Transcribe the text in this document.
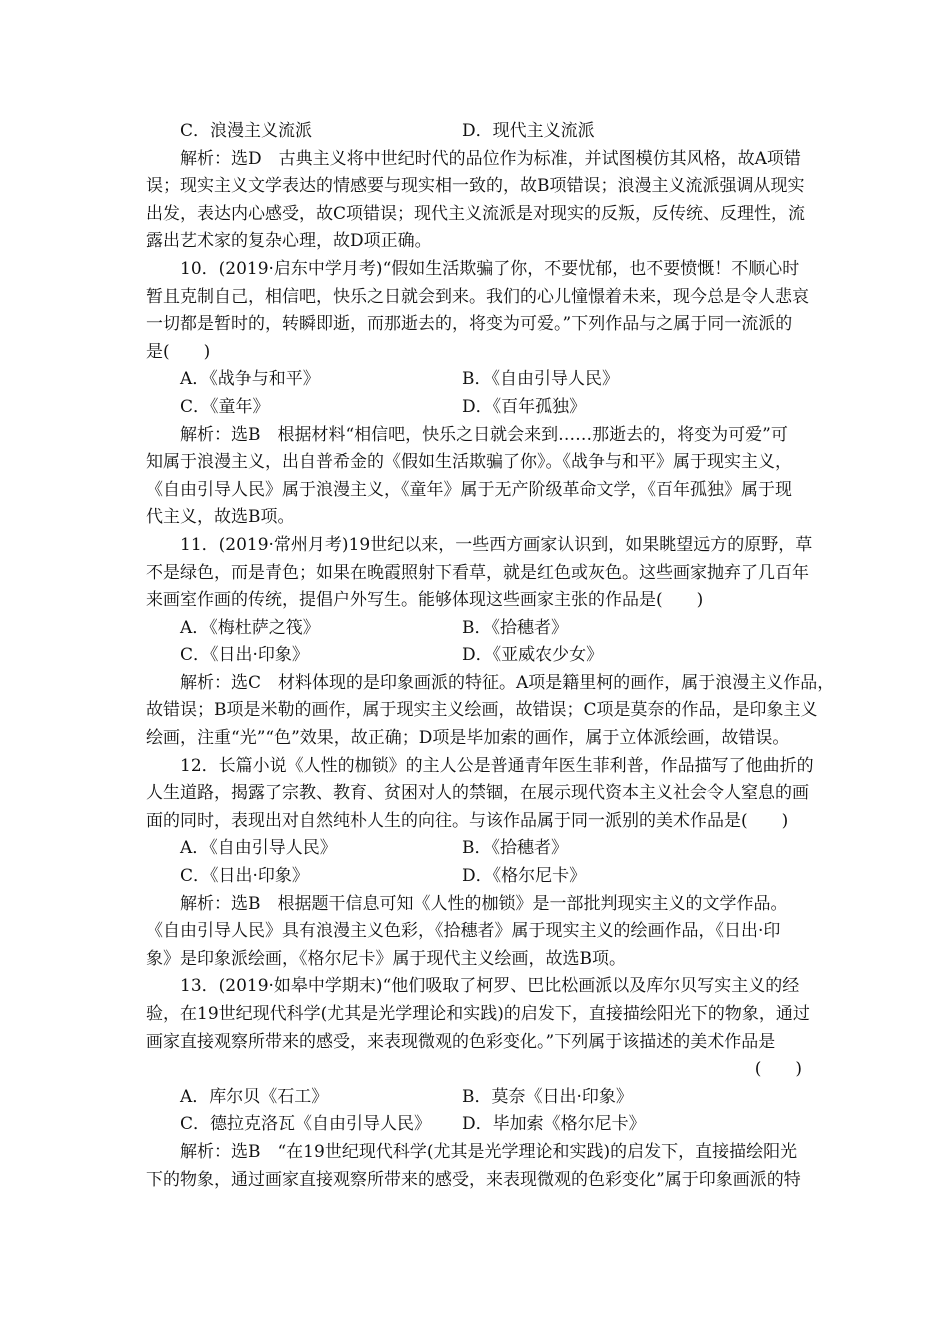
C．浪漫主义流派	D．现代主义流派
解析：选D　古典主义将中世纪时代的品位作为标准，并试图模仿其风格，故A项错
误；现实主义文学表达的情感要与现实相一致的，故B项错误；浪漫主义流派强调从现实
出发，表达内心感受，故C项错误；现代主义流派是对现实的反叛，反传统、反理性，流
露出艺术家的复杂心理，故D项正确。
10．(2019·启东中学月考)“假如生活欺骗了你，不要忧郁，也不要愤慨！不顺心时
暂且克制自己，相信吧，快乐之日就会到来。我们的心儿憧憬着未来，现今总是令人悲哀
一切都是暂时的，转瞬即逝，而那逝去的，将变为可爱。”下列作品与之属于同一流派的
是(　　)
A．《战争与和平》	B．《自由引导人民》
C．《童年》	D．《百年孤独》
解析：选B　根据材料“相信吧，快乐之日就会来到……那逝去的，将变为可爱”可
知属于浪漫主义，出自普希金的《假如生活欺骗了你》。《战争与和平》属于现实主义，
《自由引导人民》属于浪漫主义，《童年》属于无产阶级革命文学，《百年孤独》属于现
代主义，故选B项。
11．(2019·常州月考)19世纪以来，一些西方画家认识到，如果眺望远方的原野，草
不是绿色，而是青色；如果在晚霞照射下看草，就是红色或灰色。这些画家抛弃了几百年
来画室作画的传统，提倡户外写生。能够体现这些画家主张的作品是(　　)
A．《梅杜萨之筏》	B．《拾穗者》
C．《日出·印象》	D．《亚威农少女》
解析：选C　材料体现的是印象画派的特征。A项是籍里柯的画作，属于浪漫主义作品，
故错误；B项是米勒的画作，属于现实主义绘画，故错误；C项是莫奈的作品，是印象主义
绘画，注重“光”“色”效果，故正确；D项是毕加索的画作，属于立体派绘画，故错误。
12．长篇小说《人性的枷锁》的主人公是普通青年医生菲利普，作品描写了他曲折的
人生道路，揭露了宗教、教育、贫困对人的禁锢，在展示现代资本主义社会令人窒息的画
面的同时，表现出对自然纯朴人生的向往。与该作品属于同一派别的美术作品是(　　)
A．《自由引导人民》	B．《拾穗者》
C．《日出·印象》	D．《格尔尼卡》
解析：选B　根据题干信息可知《人性的枷锁》是一部批判现实主义的文学作品。
《自由引导人民》具有浪漫主义色彩，《拾穗者》属于现实主义的绘画作品，《日出·印
象》是印象派绘画，《格尔尼卡》属于现代主义绘画，故选B项。
13．(2019·如皋中学期末)“他们吸取了柯罗、巴比松画派以及库尔贝写实主义的经
验，在19世纪现代科学(尤其是光学理论和实践)的启发下，直接描绘阳光下的物象，通过
画家直接观察所带来的感受，来表现微观的色彩变化。”下列属于该描述的美术作品是
(　　)
A．库尔贝《石工》	B．莫奈《日出·印象》
C．德拉克洛瓦《自由引导人民》	D．毕加索《格尔尼卡》
解析：选B　“在19世纪现代科学(尤其是光学理论和实践)的启发下，直接描绘阳光
下的物象，通过画家直接观察所带来的感受，来表现微观的色彩变化”属于印象画派的特
